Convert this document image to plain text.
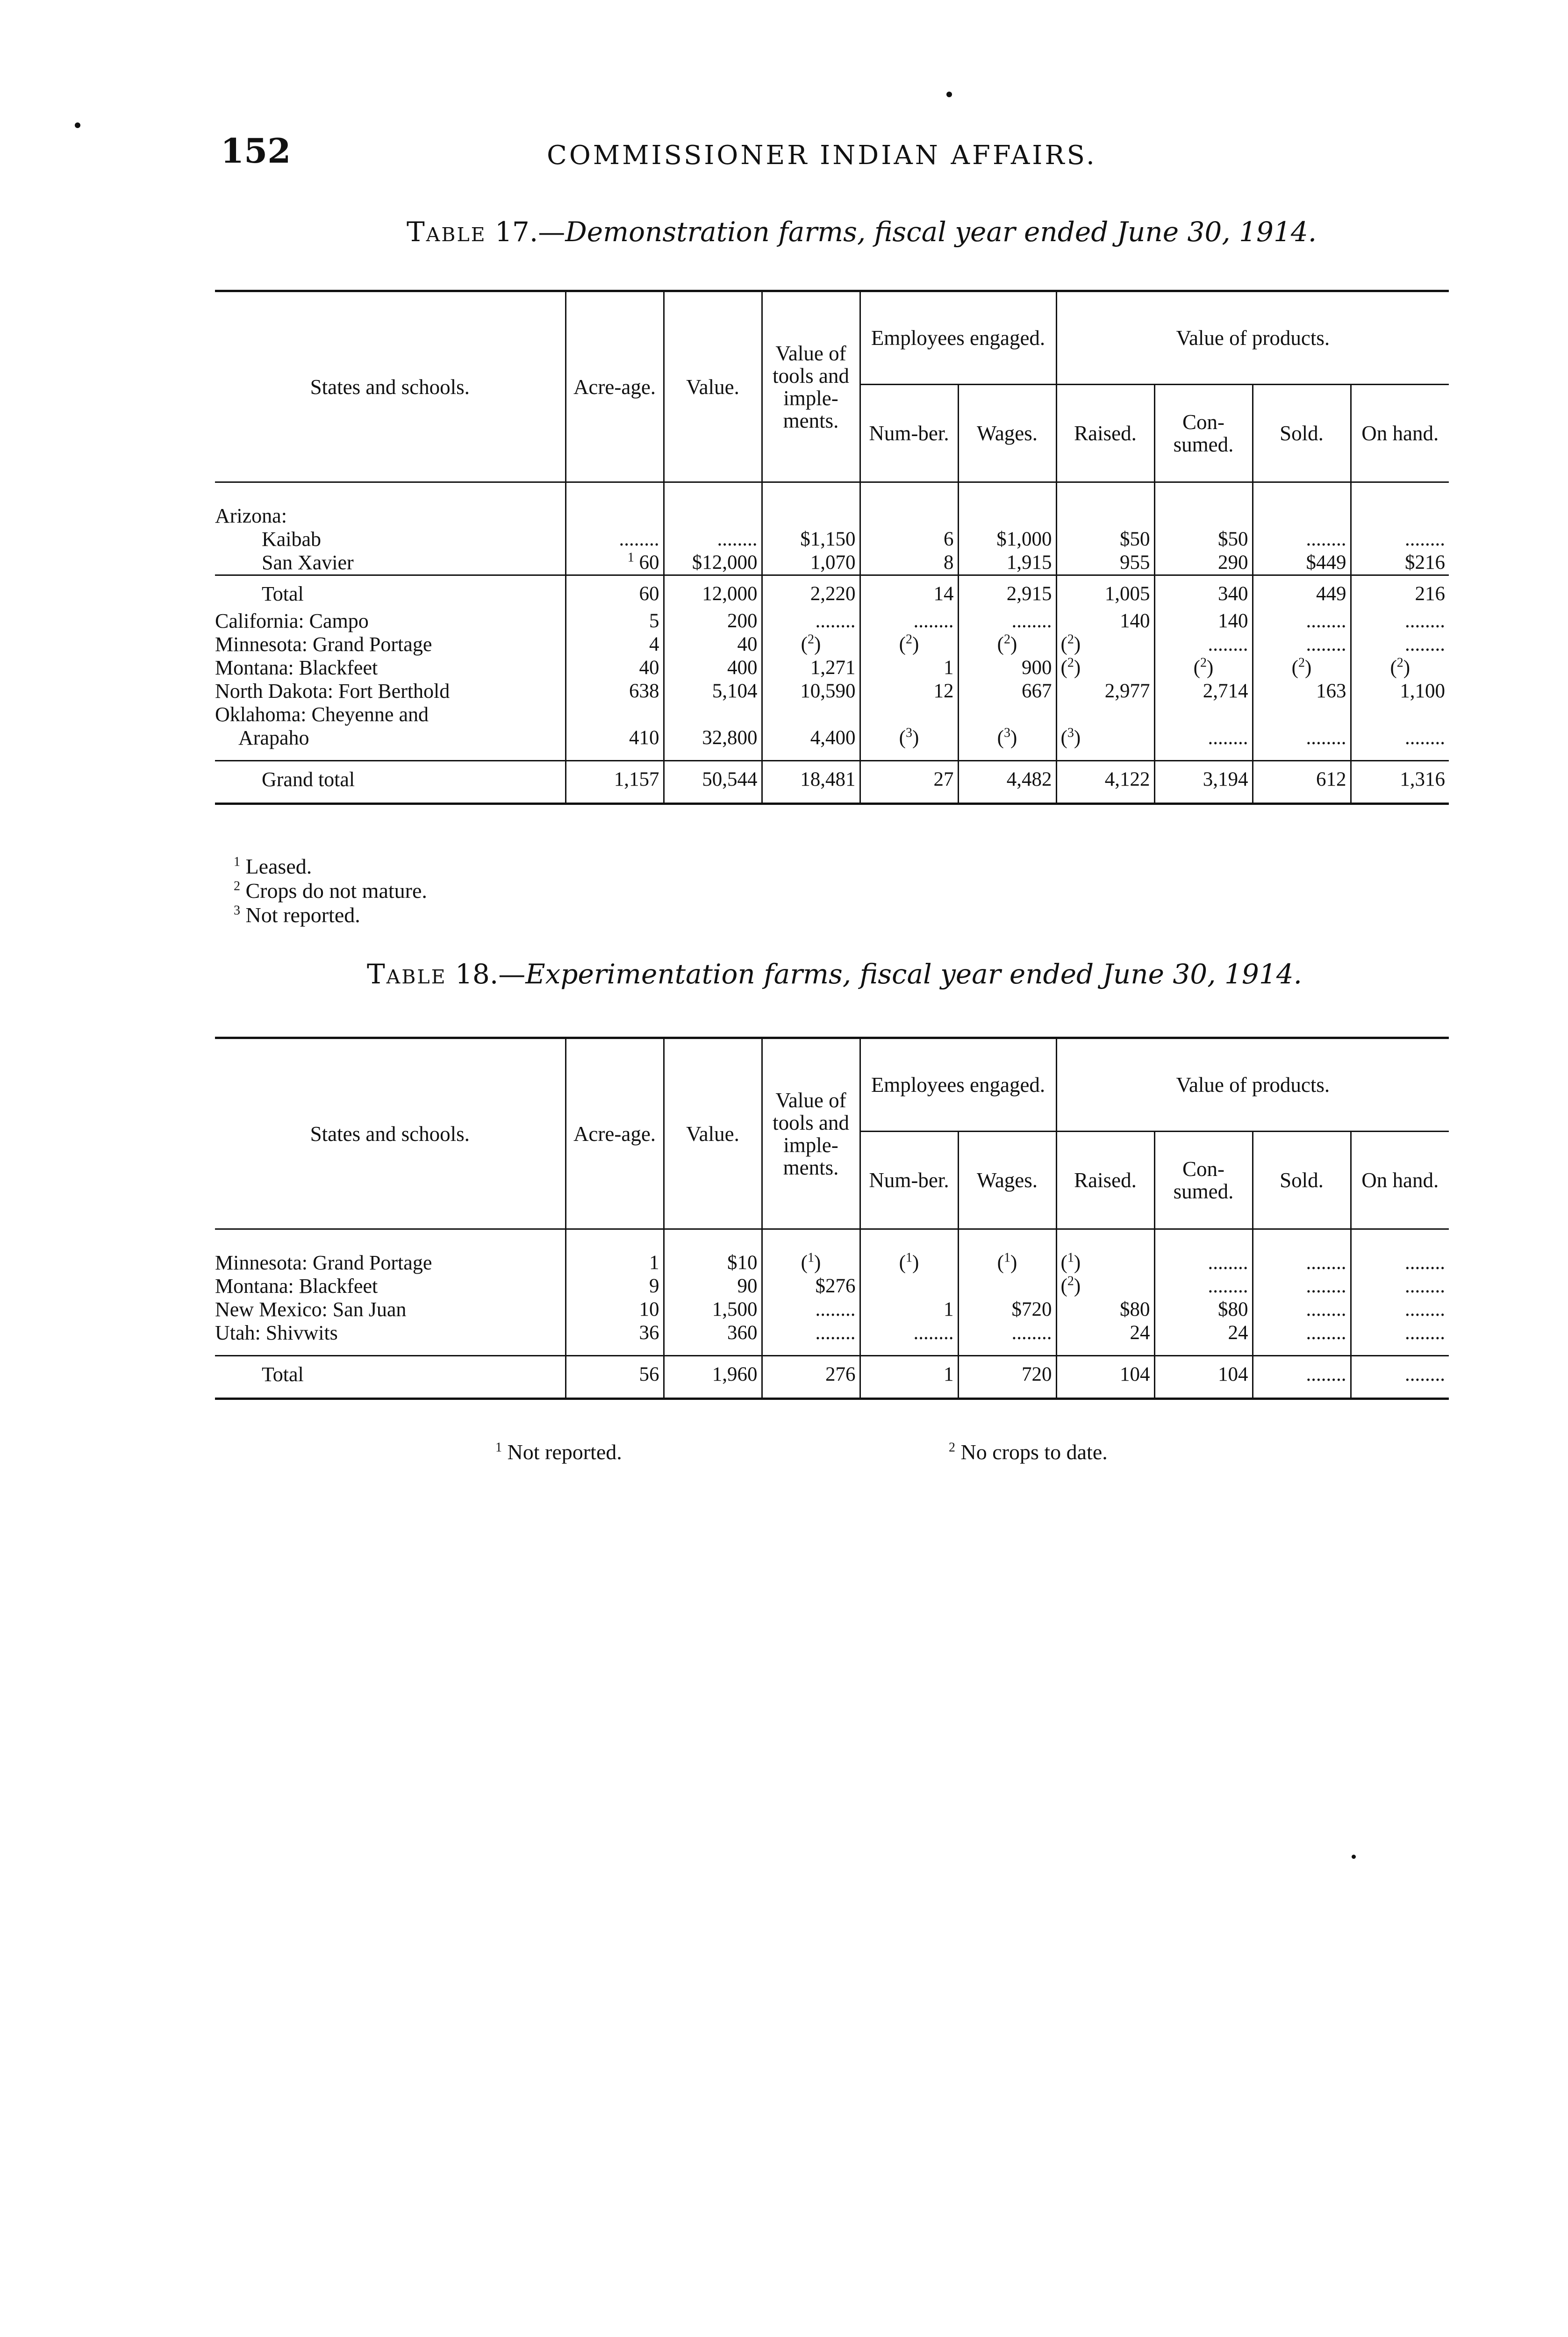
152	COMMISSIONER INDIAN AFFAIRS.
Table 17.—Demonstration farms, fiscal year ended June 30, 1914.
States and schools.	Acre-age.	Value.	Value of tools and imple-ments.	Employees engaged.		Value of products.			
				Num-ber.	Wages.	Raised.	Con-sumed.	Sold.	On hand.
Arizona:									
Kaibab	........	........	$1,150	6	$1,000	$50	$50	........	........
San Xavier	$^1$ 60	$12,000	1,070	8	1,915	955	290	$449	$216
Total	60	12,000	2,220	14	2,915	1,005	340	449	216
California: Campo	5	200	........	........	........	140	140	........	........
Minnesota: Grand Portage	4	40	($^2$)	($^2$)	($^2$)	($^2$)	........	........	........
Montana: Blackfeet	40	400	1,271	1	900	($^2$)	($^2$)	($^2$)	($^2$)
North Dakota: Fort Berthold	638	5,104	10,590	12	667	2,977	2,714	163	1,100
Oklahoma: Cheyenne and									
Arapaho	410	32,800	4,400	($^3$)	($^3$)	($^3$)	........	........	........
Grand total	1,157	50,544	18,481	27	4,482	4,122	3,194	612	1,316
$^1$ Leased.
$^2$ Crops do not mature.
$^3$ Not reported.
Table 18.—Experimentation farms, fiscal year ended June 30, 1914.
States and schools.	Acre-age.	Value.	Value of tools and imple-ments.	Employees engaged.		Value of products.			
				Num-ber.	Wages.	Raised.	Con-sumed.	Sold.	On hand.
Minnesota: Grand Portage	1	$10	($^1$)	($^1$)	($^1$)	($^1$)	........	........	........
Montana: Blackfeet	9	90	$276			($^2$)	........	........	........
New Mexico: San Juan	10	1,500	........	1	$720	$80	$80	........	........
Utah: Shivwits	36	360	........	........	........	24	24	........	........
Total	56	1,960	276	1	720	104	104	........	........
$^1$ Not reported.	$^2$ No crops to date.
